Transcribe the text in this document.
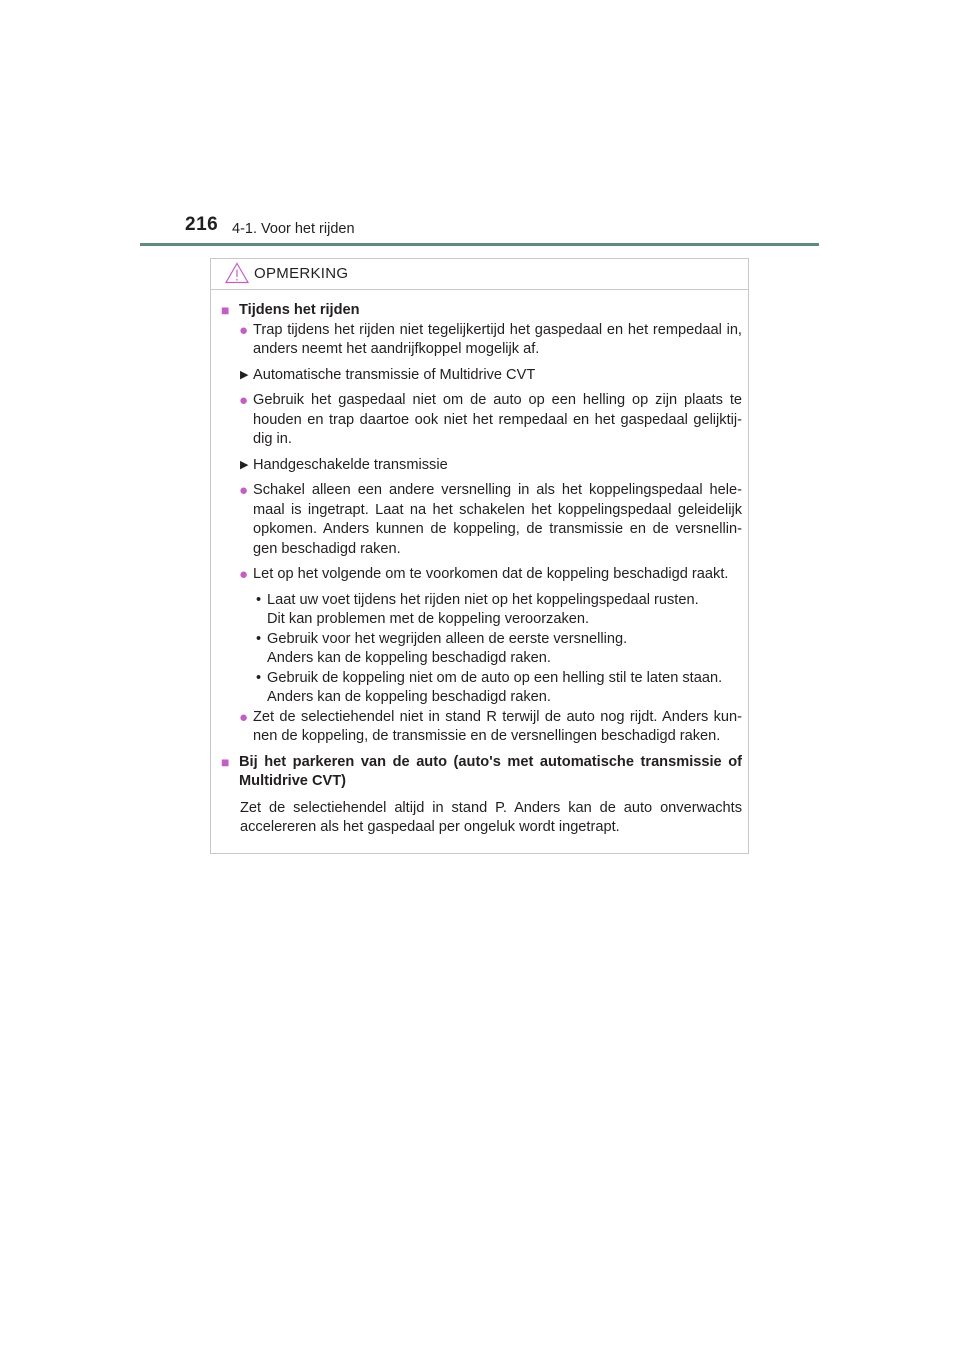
216 4-1. Voor het rijden
OPMERKING
■ Tijdens het rijden
● Trap tijdens het rijden niet tegelijkertijd het gaspedaal en het rempedaal in, anders neemt het aandrijfkoppel mogelijk af.
▶ Automatische transmissie of Multidrive CVT
● Gebruik het gaspedaal niet om de auto op een helling op zijn plaats te houden en trap daartoe ook niet het rempedaal en het gaspedaal gelijktij-dig in.
▶ Handgeschakelde transmissie
● Schakel alleen een andere versnelling in als het koppelingspedaal hele-maal is ingetrapt. Laat na het schakelen het koppelingspedaal geleidelijk opkomen. Anders kunnen de koppeling, de transmissie en de versnellin-gen beschadigd raken.
● Let op het volgende om te voorkomen dat de koppeling beschadigd raakt.
• Laat uw voet tijdens het rijden niet op het koppelingspedaal rusten.
Dit kan problemen met de koppeling veroorzaken.
• Gebruik voor het wegrijden alleen de eerste versnelling.
Anders kan de koppeling beschadigd raken.
• Gebruik de koppeling niet om de auto op een helling stil te laten staan.
Anders kan de koppeling beschadigd raken.
● Zet de selectiehendel niet in stand R terwijl de auto nog rijdt. Anders kun-nen de koppeling, de transmissie en de versnellingen beschadigd raken.
■ Bij het parkeren van de auto (auto's met automatische transmissie of Multidrive CVT)
Zet de selectiehendel altijd in stand P. Anders kan de auto onverwachts accelereren als het gaspedaal per ongeluk wordt ingetrapt.
